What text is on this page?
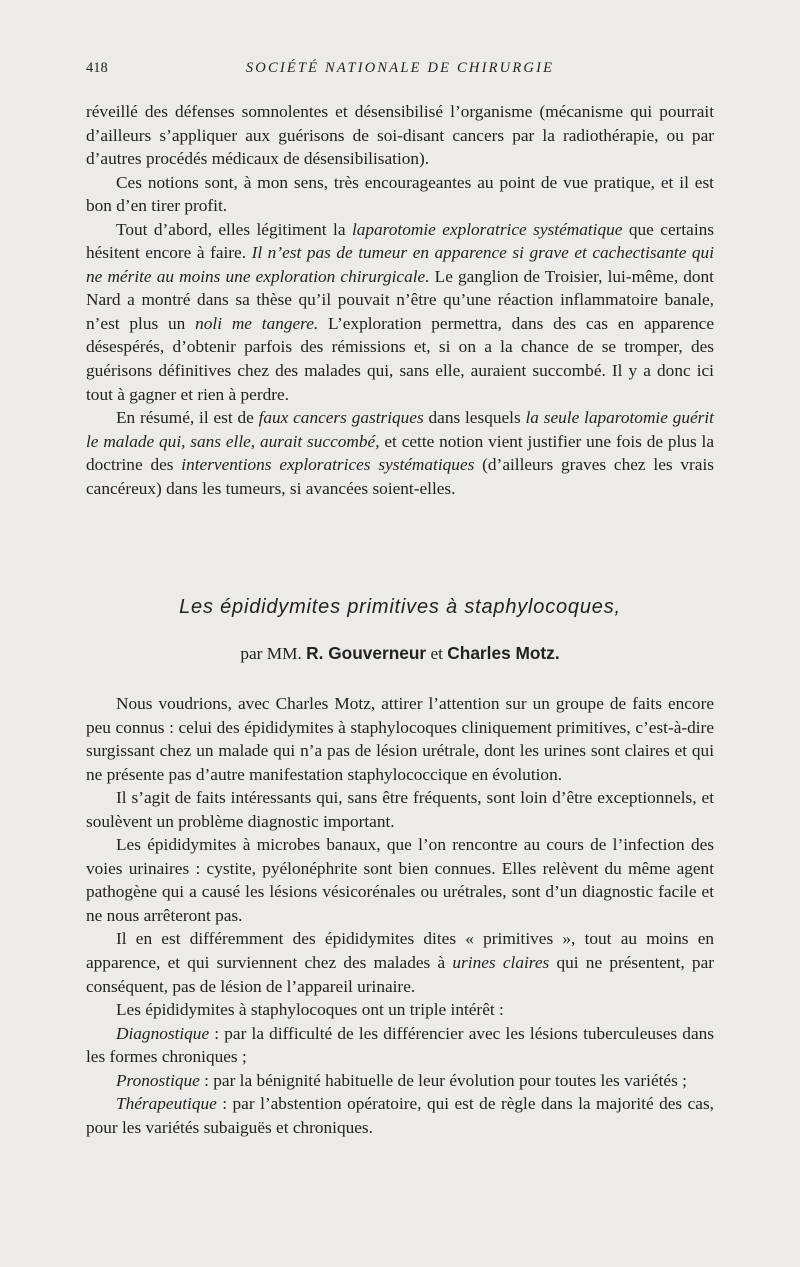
418	SOCIÉTÉ NATIONALE DE CHIRURGIE

réveillé des défenses somnolentes et désensibilisé l’organisme (mécanisme qui pourrait d’ailleurs s’appliquer aux guérisons de soi-disant cancers par la radiothérapie, ou par d’autres procédés médicaux de désensibilisation).

Ces notions sont, à mon sens, très encourageantes au point de vue pratique, et il est bon d’en tirer profit.

Tout d’abord, elles légitiment la laparotomie exploratrice systématique que certains hésitent encore à faire. Il n’est pas de tumeur en apparence si grave et cachectisante qui ne mérite au moins une exploration chirurgicale. Le ganglion de Troisier, lui-même, dont Nard a montré dans sa thèse qu’il pouvait n’être qu’une réaction inflammatoire banale, n’est plus un noli me tangere. L’exploration permettra, dans des cas en apparence désespérés, d’obtenir parfois des rémissions et, si on a la chance de se tromper, des guérisons définitives chez des malades qui, sans elle, auraient succombé. Il y a donc ici tout à gagner et rien à perdre.

En résumé, il est de faux cancers gastriques dans lesquels la seule laparotomie guérit le malade qui, sans elle, aurait succombé, et cette notion vient justifier une fois de plus la doctrine des interventions exploratrices systématiques (d’ailleurs graves chez les vrais cancéreux) dans les tumeurs, si avancées soient-elles.

Les épididymites primitives à staphylocoques,
par MM. R. Gouverneur et Charles Motz.

Nous voudrions, avec Charles Motz, attirer l’attention sur un groupe de faits encore peu connus : celui des épididymites à staphylocoques cliniquement primitives, c’est-à-dire surgissant chez un malade qui n’a pas de lésion urétrale, dont les urines sont claires et qui ne présente pas d’autre manifestation staphylococcique en évolution.

Il s’agit de faits intéressants qui, sans être fréquents, sont loin d’être exceptionnels, et soulèvent un problème diagnostic important.

Les épididymites à microbes banaux, que l’on rencontre au cours de l’infection des voies urinaires : cystite, pyélonéphrite sont bien connues. Elles relèvent du même agent pathogène qui a causé les lésions vésicorénales ou urétrales, sont d’un diagnostic facile et ne nous arrêteront pas.

Il en est différemment des épididymites dites « primitives », tout au moins en apparence, et qui surviennent chez des malades à urines claires qui ne présentent, par conséquent, pas de lésion de l’appareil urinaire.

Les épididymites à staphylocoques ont un triple intérêt :

Diagnostique : par la difficulté de les différencier avec les lésions tuberculeuses dans les formes chroniques ;

Pronostique : par la bénignité habituelle de leur évolution pour toutes les variétés ;

Thérapeutique : par l’abstention opératoire, qui est de règle dans la majorité des cas, pour les variétés subaiguës et chroniques.
